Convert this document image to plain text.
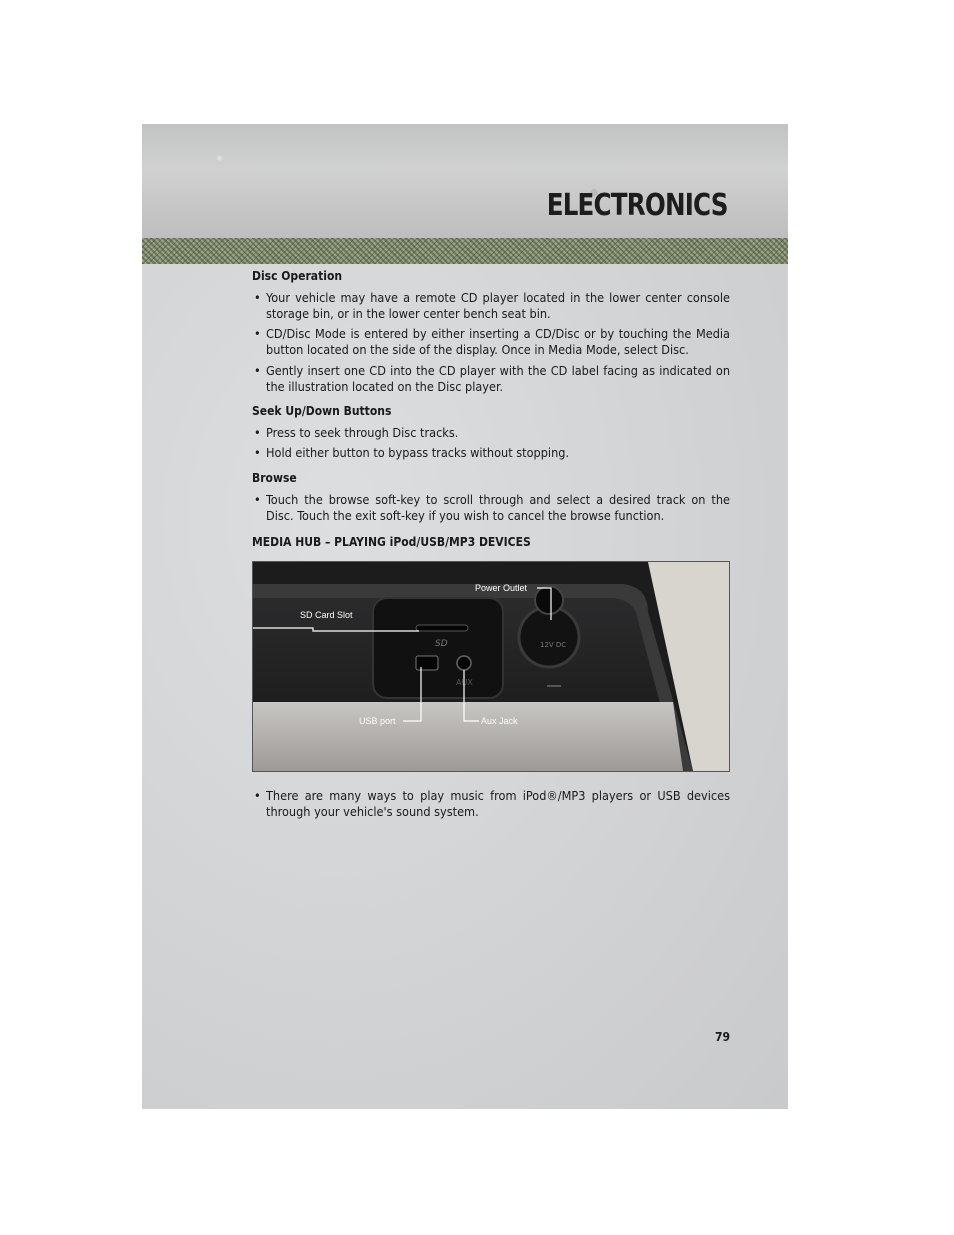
ELECTRONICS
Disc Operation
• Your vehicle may have a remote CD player located in the lower center console storage bin, or in the lower center bench seat bin.
• CD/Disc Mode is entered by either inserting a CD/Disc or by touching the Media button located on the side of the display. Once in Media Mode, select Disc.
• Gently insert one CD into the CD player with the CD label facing as indicated on the illustration located on the Disc player.
Seek Up/Down Buttons
• Press to seek through Disc tracks.
• Hold either button to bypass tracks without stopping.
Browse
• Touch the browse soft-key to scroll through and select a desired track on the Disc. Touch the exit soft-key if you wish to cancel the browse function.
MEDIA HUB – PLAYING iPod/USB/MP3 DEVICES
• There are many ways to play music from iPod®/MP3 players or USB devices through your vehicle's sound system.
SD
AUX
12V DC
Power Outlet
SD Card Slot
USB port	Aux Jack
79
